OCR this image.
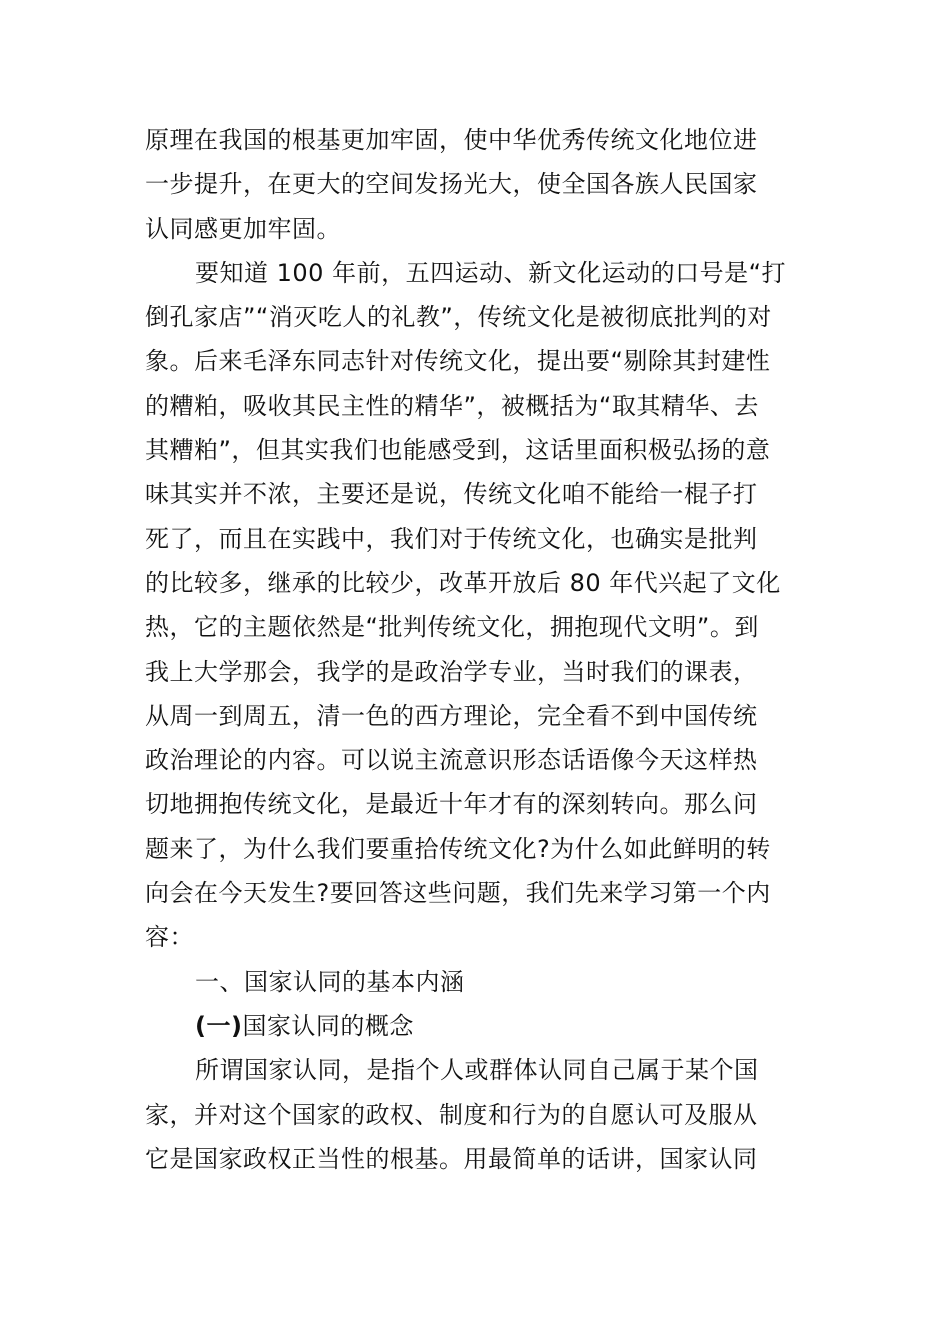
原理在我国的根基更加牢固，使中华优秀传统文化地位进
一步提升，在更大的空间发扬光大，使全国各族人民国家
认同感更加牢固。
要知道 100 年前，五四运动、新文化运动的口号是“打
倒孔家店”“消灭吃人的礼教”，传统文化是被彻底批判的对
象。后来毛泽东同志针对传统文化，提出要“剔除其封建性
的糟粕，吸收其民主性的精华”，被概括为“取其精华、去
其糟粕”，但其实我们也能感受到，这话里面积极弘扬的意
味其实并不浓，主要还是说，传统文化咱不能给一棍子打
死了，而且在实践中，我们对于传统文化，也确实是批判
的比较多，继承的比较少，改革开放后 80 年代兴起了文化
热，它的主题依然是“批判传统文化，拥抱现代文明”。到
我上大学那会，我学的是政治学专业，当时我们的课表，
从周一到周五，清一色的西方理论，完全看不到中国传统
政治理论的内容。可以说主流意识形态话语像今天这样热
切地拥抱传统文化，是最近十年才有的深刻转向。那么问
题来了，为什么我们要重拾传统文化?为什么如此鲜明的转
向会在今天发生?要回答这些问题，我们先来学习第一个内
容：
一、国家认同的基本内涵
(一)国家认同的概念
所谓国家认同，是指个人或群体认同自己属于某个国
家，并对这个国家的政权、制度和行为的自愿认可及服从
它是国家政权正当性的根基。用最简单的话讲，国家认同
